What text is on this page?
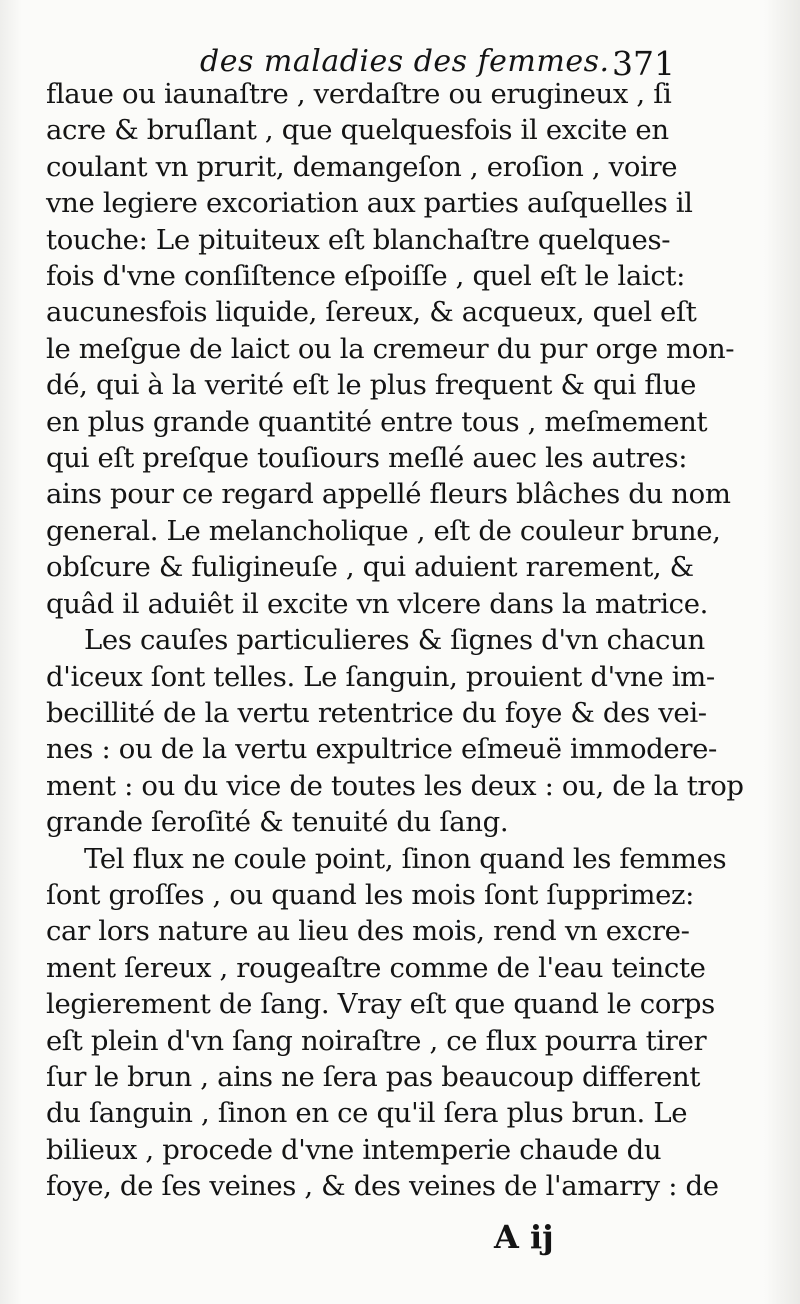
des maladies des femmes. 371
flaue ou iaunaſtre , verdaſtre ou erugineux , ſi
acre & bruſlant , que quelquesfois il excite en
coulant vn prurit, demangeſon , eroſion , voire
vne legiere excoriation aux parties auſquelles il
touche: Le pituiteux eſt blanchaſtre quelques-
fois d'vne conſiſtence eſpoiſſe , quel eſt le laict:
aucunesfois liquide, ſereux, & acqueux, quel eſt
le meſgue de laict ou la cremeur du pur orge mon-
dé, qui à la verité eſt le plus frequent & qui flue
en plus grande quantité entre tous , meſmement
qui eſt preſque touſiours meſlé auec les autres:
ains pour ce regard appellé fleurs blâches du nom
general. Le melancholique , eſt de couleur brune,
obſcure & fuligineuſe , qui aduient rarement, &
quâd il aduiêt il excite vn vlcere dans la matrice.
Les cauſes particulieres & ſignes d'vn chacun
d'iceux ſont telles. Le ſanguin, prouient d'vne im-
becillité de la vertu retentrice du foye & des vei-
nes : ou de la vertu expultrice eſmeuë immodere-
ment : ou du vice de toutes les deux : ou, de la trop
grande ſeroſité & tenuité du ſang.
Tel flux ne coule point, ſinon quand les femmes
ſont groſſes , ou quand les mois ſont ſupprimez:
car lors nature au lieu des mois, rend vn excre-
ment ſereux , rougeaſtre comme de l'eau teincte
legierement de ſang. Vray eſt que quand le corps
eſt plein d'vn ſang noiraſtre , ce flux pourra tirer
ſur le brun , ains ne ſera pas beaucoup different
du ſanguin , ſinon en ce qu'il ſera plus brun. Le
bilieux , procede d'vne intemperie chaude du
foye, de ſes veines , & des veines de l'amarry : de
A ij
